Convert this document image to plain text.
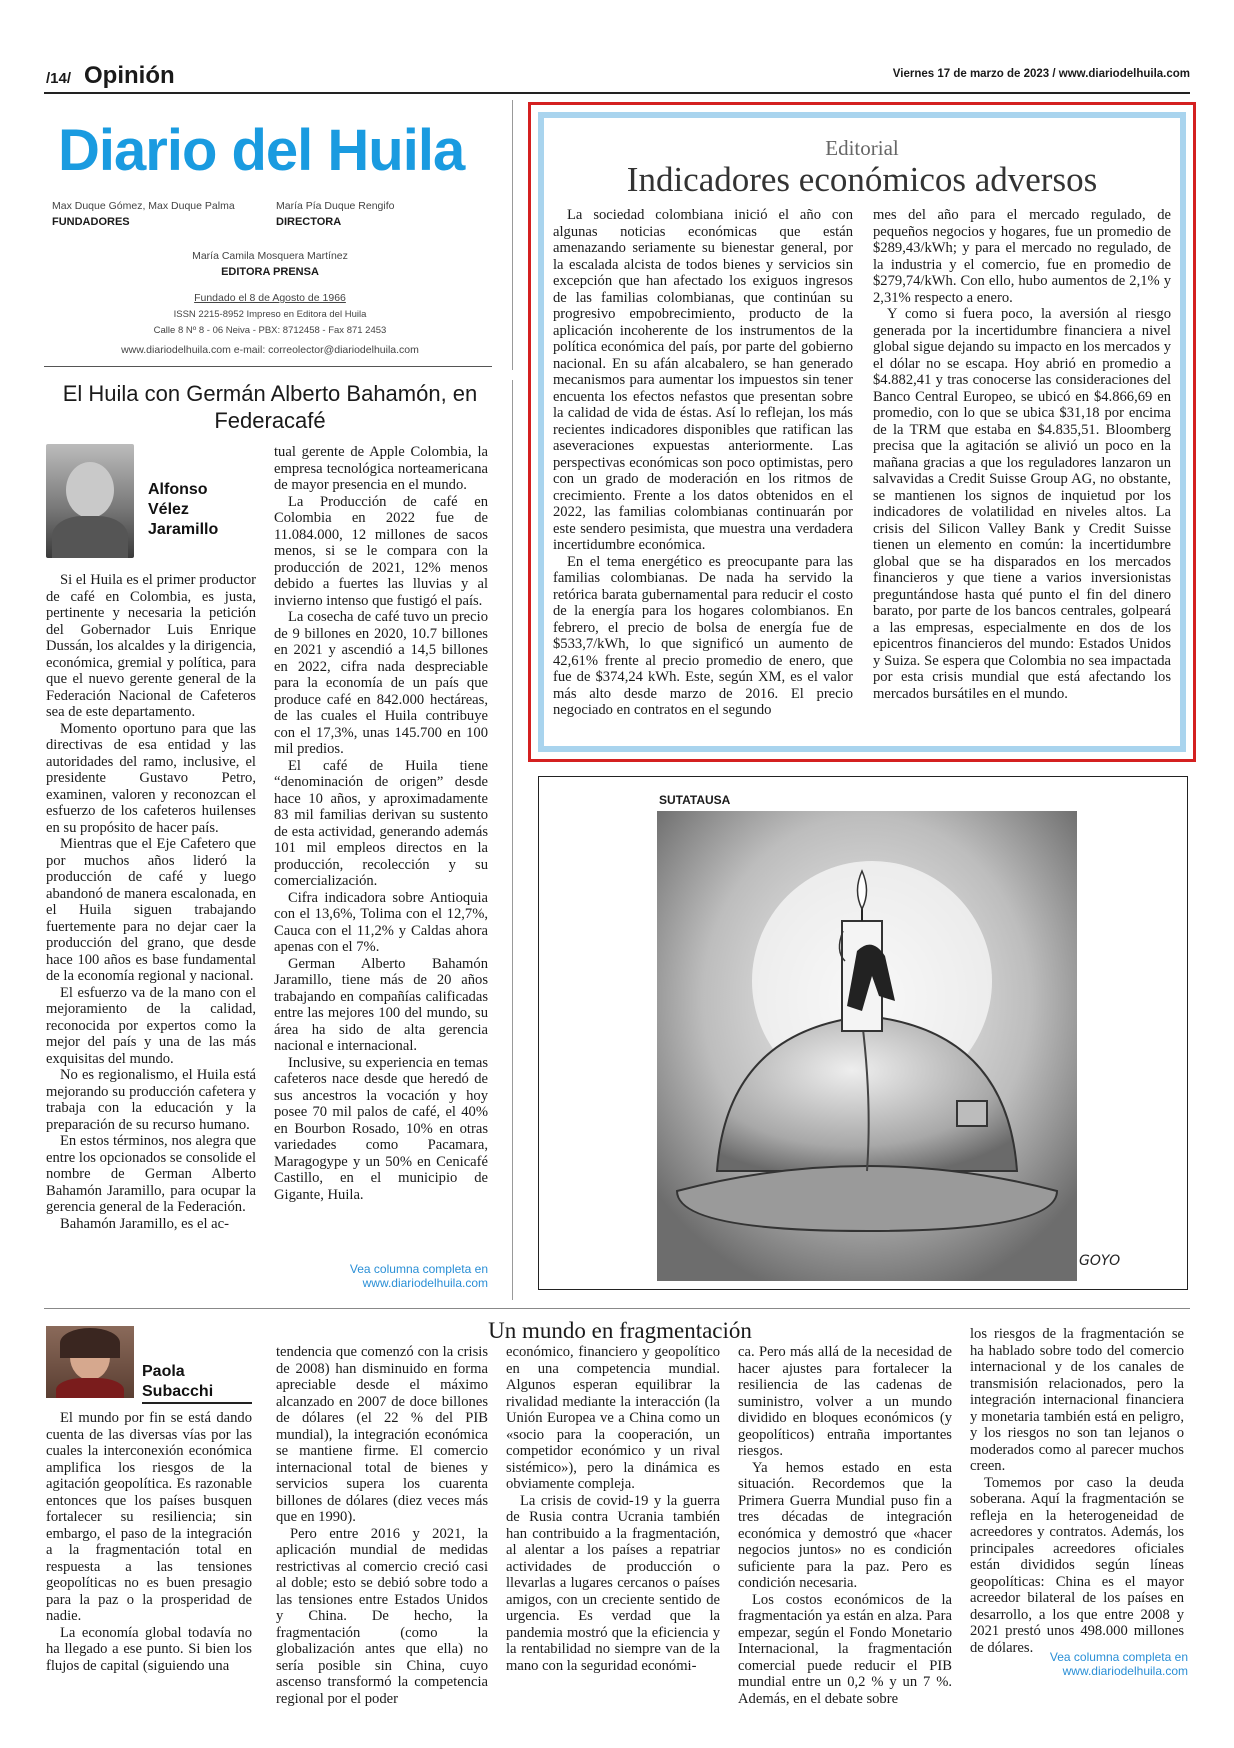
/14/ Opinión	Viernes 17 de marzo de 2023 / www.diariodelhuila.com
Diario del Huila
Max Duque Gómez, Max Duque Palma
FUNDADORES
María Pía Duque Rengifo
DIRECTORA
María Camila Mosquera Martínez
EDITORA PRENSA
Fundado el 8 de Agosto de 1966
ISSN 2215-8952 Impreso en Editora del Huila
Calle 8 Nº 8 - 06 Neiva - PBX: 8712458 - Fax 871 2453
www.diariodelhuila.com e-mail: correolector@diariodelhuila.com
Editorial
Indicadores económicos adversos

La sociedad colombiana inició el año con algunas noticias económicas que están amenazando seriamente su bienestar general, por la escalada alcista de todos bienes y servicios sin excepción que han afectado los exiguos ingresos de las familias colombianas, que continúan su progresivo empobrecimiento, producto de la aplicación incoherente de los instrumentos de la política económica del país, por parte del gobierno nacional. En su afán alcabalero, se han generado mecanismos para aumentar los impuestos sin tener encuenta los efectos nefastos que presentan sobre la calidad de vida de éstas. Así lo reflejan, los más recientes indicadores disponibles que ratifican las aseveraciones expuestas anteriormente. Las perspectivas económicas son poco optimistas, pero con un grado de moderación en los ritmos de crecimiento. Frente a los datos obtenidos en el 2022, las familias colombianas continuarán por este sendero pesimista, que muestra una verdadera incertidumbre económica.

En el tema energético es preocupante para las familias colombianas. De nada ha servido la retórica barata gubernamental para reducir el costo de la energía para los hogares colombianos. En febrero, el precio de bolsa de energía fue de $533,7/kWh, lo que significó un aumento de 42,61% frente al precio promedio de enero, que fue de $374,24 kWh. Este, según XM, es el valor más alto desde marzo de 2016. El precio negociado en contratos en el segundo

mes del año para el mercado regulado, de pequeños negocios y hogares, fue un promedio de $289,43/kWh; y para el mercado no regulado, de la industria y el comercio, fue en promedio de $279,74/kWh. Con ello, hubo aumentos de 2,1% y 2,31% respecto a enero.

Y como si fuera poco, la aversión al riesgo generada por la incertidumbre financiera a nivel global sigue dejando su impacto en los mercados y el dólar no se escapa. Hoy abrió en promedio a $4.882,41 y tras conocerse las consideraciones del Banco Central Europeo, se ubicó en $4.866,69 en promedio, con lo que se ubica $31,18 por encima de la TRM que estaba en $4.835,51. Bloomberg precisa que la agitación se alivió un poco en la mañana gracias a que los reguladores lanzaron un salvavidas a Credit Suisse Group AG, no obstante, se mantienen los signos de inquietud por los indicadores de volatilidad en niveles altos. La crisis del Silicon Valley Bank y Credit Suisse tienen un elemento en común: la incertidumbre global que se ha disparados en los mercados financieros y que tiene a varios inversionistas preguntándose hasta qué punto el fin del dinero barato, por parte de los bancos centrales, golpeará a las empresas, especialmente en dos de los epicentros financieros del mundo: Estados Unidos y Suiza. Se espera que Colombia no sea impactada por esta crisis mundial que está afectando los mercados bursátiles en el mundo.

El Huila con Germán Alberto Bahamón, en Federacafé
Alfonso Vélez Jaramillo

Si el Huila es el primer productor de café en Colombia, es justa, pertinente y necesaria la petición del Gobernador Luis Enrique Dussán, los alcaldes y la dirigencia, económica, gremial y política, para que el nuevo gerente general de la Federación Nacional de Cafeteros sea de este departamento.

Momento oportuno para que las directivas de esa entidad y las autoridades del ramo, inclusive, el presidente Gustavo Petro, examinen, valoren y reconozcan el esfuerzo de los cafeteros huilenses en su propósito de hacer país.

Mientras que el Eje Cafetero que por muchos años lideró la producción de café y luego abandonó de manera escalonada, en el Huila siguen trabajando fuertemente para no dejar caer la producción del grano, que desde hace 100 años es base fundamental de la economía regional y nacional.

El esfuerzo va de la mano con el mejoramiento de la calidad, reconocida por expertos como la mejor del país y una de las más exquisitas del mundo.

No es regionalismo, el Huila está mejorando su producción cafetera y trabaja con la educación y la preparación de su recurso humano.

En estos términos, nos alegra que entre los opcionados se consolide el nombre de German Alberto Bahamón Jaramillo, para ocupar la gerencia general de la Federación.

Bahamón Jaramillo, es el ac-

tual gerente de Apple Colombia, la empresa tecnológica norteamericana de mayor presencia en el mundo.

La Producción de café en Colombia en 2022 fue de 11.084.000, 12 millones de sacos menos, si se le compara con la producción de 2021, 12% menos debido a fuertes las lluvias y al invierno intenso que fustigó el país.

La cosecha de café tuvo un precio de 9 billones en 2020, 10.7 billones en 2021 y ascendió a 14,5 billones en 2022, cifra nada despreciable para la economía de un país que produce café en 842.000 hectáreas, de las cuales el Huila contribuye con el 17,3%, unas 145.700 en 100 mil predios.

El café de Huila tiene “denominación de origen” desde hace 10 años, y aproximadamente 83 mil familias derivan su sustento de esta actividad, generando además 101 mil empleos directos en la producción, recolección y su comercialización.

Cifra indicadora sobre Antioquia con el 13,6%, Tolima con el 12,7%, Cauca con el 11,2% y Caldas ahora apenas con el 7%.

German Alberto Bahamón Jaramillo, tiene más de 20 años trabajando en compañías calificadas entre las mejores 100 del mundo, su área ha sido de alta gerencia nacional e internacional.

Inclusive, su experiencia en temas cafeteros nace desde que heredó de sus ancestros la vocación y hoy posee 70 mil palos de café, el 40% en Bourbon Rosado, 10% en otras variedades como Pacamara, Maragogype y un 50% en Cenicafé Castillo, en el municipio de Gigante, Huila.

Vea columna completa en www.diariodelhuila.com
SUTATAUSA
GOYO
Un mundo en fragmentación
Paola Subacchi

El mundo por fin se está dando cuenta de las diversas vías por las cuales la interconexión económica amplifica los riesgos de la agitación geopolítica. Es razonable entonces que los países busquen fortalecer su resiliencia; sin embargo, el paso de la integración a la fragmentación total en respuesta a las tensiones geopolíticas no es buen presagio para la paz o la prosperidad de nadie.

La economía global todavía no ha llegado a ese punto. Si bien los flujos de capital (siguiendo una

tendencia que comenzó con la crisis de 2008) han disminuido en forma apreciable desde el máximo alcanzado en 2007 de doce billones de dólares (el 22 % del PIB mundial), la integración económica se mantiene firme. El comercio internacional total de bienes y servicios supera los cuarenta billones de dólares (diez veces más que en 1990).

Pero entre 2016 y 2021, la aplicación mundial de medidas restrictivas al comercio creció casi al doble; esto se debió sobre todo a las tensiones entre Estados Unidos y China. De hecho, la fragmentación (como la globalización antes que ella) no sería posible sin China, cuyo ascenso transformó la competencia regional por el poder

económico, financiero y geopolítico en una competencia mundial. Algunos esperan equilibrar la rivalidad mediante la interacción (la Unión Europea ve a China como un «socio para la cooperación, un competidor económico y un rival sistémico»), pero la dinámica es obviamente compleja.

La crisis de covid-19 y la guerra de Rusia contra Ucrania también han contribuido a la fragmentación, al alentar a los países a repatriar actividades de producción o llevarlas a lugares cercanos o países amigos, con un creciente sentido de urgencia. Es verdad que la pandemia mostró que la eficiencia y la rentabilidad no siempre van de la mano con la seguridad económi-

ca. Pero más allá de la necesidad de hacer ajustes para fortalecer la resiliencia de las cadenas de suministro, volver a un mundo dividido en bloques económicos (y geopolíticos) entraña importantes riesgos.

Ya hemos estado en esta situación. Recordemos que la Primera Guerra Mundial puso fin a tres décadas de integración económica y demostró que «hacer negocios juntos» no es condición suficiente para la paz. Pero es condición necesaria.

Los costos económicos de la fragmentación ya están en alza. Para empezar, según el Fondo Monetario Internacional, la fragmentación comercial puede reducir el PIB mundial entre un 0,2 % y un 7 %. Además, en el debate sobre

los riesgos de la fragmentación se ha hablado sobre todo del comercio internacional y de los canales de transmisión relacionados, pero la integración internacional financiera y monetaria también está en peligro, y los riesgos no son tan lejanos o moderados como al parecer muchos creen.

Tomemos por caso la deuda soberana. Aquí la fragmentación se refleja en la heterogeneidad de acreedores y contratos. Además, los principales acreedores oficiales están divididos según líneas geopolíticas: China es el mayor acreedor bilateral de los países en desarrollo, a los que entre 2008 y 2021 prestó unos 498.000 millones de dólares.

Vea columna completa en www.diariodelhuila.com
